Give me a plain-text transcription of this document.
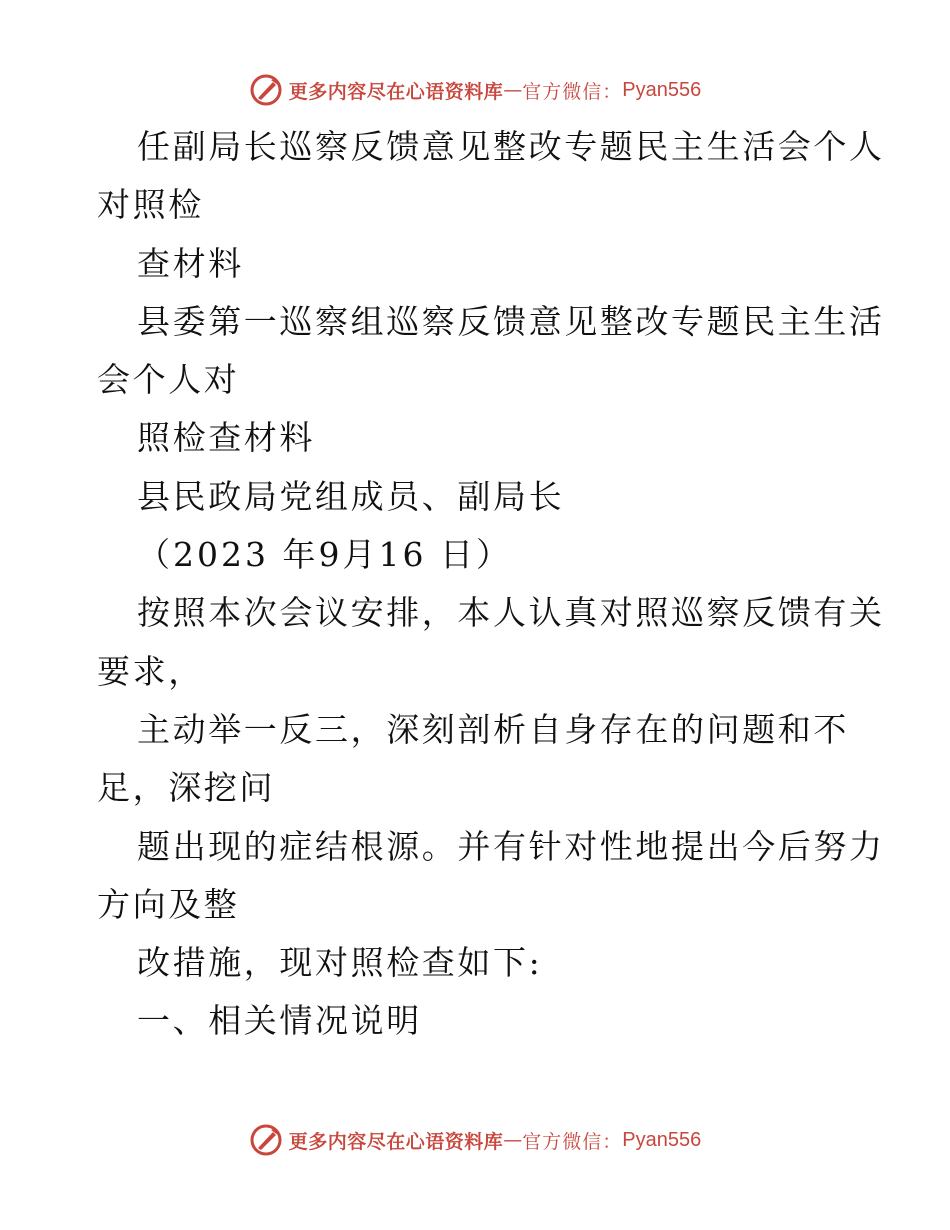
更多内容尽在心语资料库 — 官方微信： Pyan556
任副局长巡察反馈意见整改专题民主生活会个人
对照检
查材料
县委第一巡察组巡察反馈意见整改专题民主生活
会个人对
照检查材料
县民政局党组成员、副局长
（2023 年9月16 日）
按照本次会议安排，本人认真对照巡察反馈有关
要求，
主动举一反三，深刻剖析自身存在的问题和不
足，深挖问
题出现的症结根源。并有针对性地提出今后努力
方向及整
改措施，现对照检查如下:
一、相关情况说明
更多内容尽在心语资料库 — 官方微信： Pyan556
